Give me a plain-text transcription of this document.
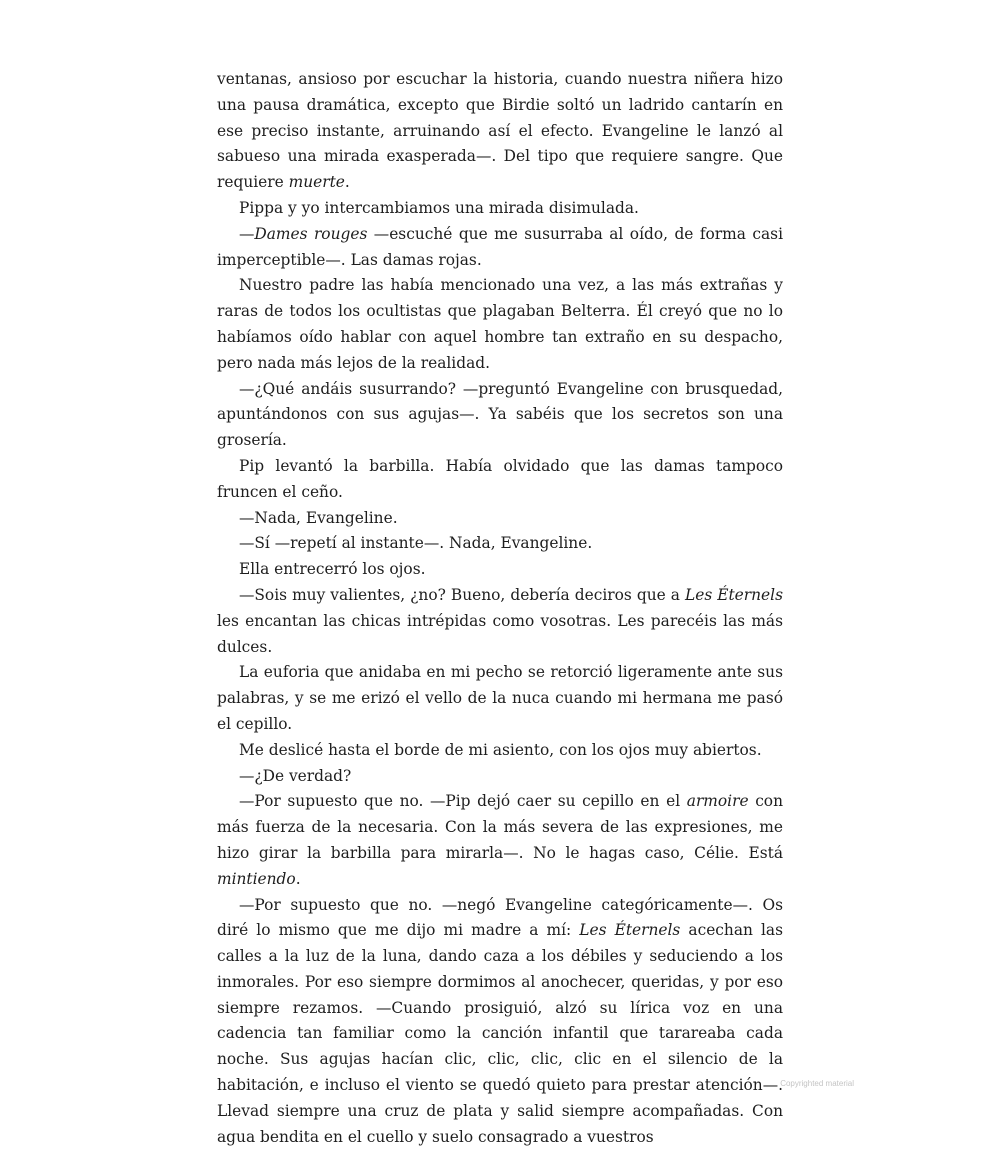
ventanas, ansioso por escuchar la historia, cuando nuestra niñera hizo una pausa dramática, excepto que Birdie soltó un ladrido cantarín en ese preciso instante, arruinando así el efecto. Evangeline le lanzó al sabueso una mirada exasperada—. Del tipo que requiere sangre. Que requiere muerte.

Pippa y yo intercambiamos una mirada disimulada.

—Dames rouges —escuché que me susurraba al oído, de forma casi imperceptible—. Las damas rojas.

Nuestro padre las había mencionado una vez, a las más extrañas y raras de todos los ocultistas que plagaban Belterra. Él creyó que no lo habíamos oído hablar con aquel hombre tan extraño en su despacho, pero nada más lejos de la realidad.

—¿Qué andáis susurrando? —preguntó Evangeline con brusquedad, apuntándonos con sus agujas—. Ya sabéis que los secretos son una grosería.

Pip levantó la barbilla. Había olvidado que las damas tampoco fruncen el ceño.

—Nada, Evangeline.

—Sí —repetí al instante—. Nada, Evangeline.

Ella entrecerró los ojos.

—Sois muy valientes, ¿no? Bueno, debería deciros que a Les Éternels les encantan las chicas intrépidas como vosotras. Les parecéis las más dulces.

La euforia que anidaba en mi pecho se retorció ligeramente ante sus palabras, y se me erizó el vello de la nuca cuando mi hermana me pasó el cepillo.

Me deslicé hasta el borde de mi asiento, con los ojos muy abiertos.

—¿De verdad?

—Por supuesto que no. —Pip dejó caer su cepillo en el armoire con más fuerza de la necesaria. Con la más severa de las expresiones, me hizo girar la barbilla para mirarla—. No le hagas caso, Célie. Está mintiendo.

—Por supuesto que no. —negó Evangeline categóricamente—. Os diré lo mismo que me dijo mi madre a mí: Les Éternels acechan las calles a la luz de la luna, dando caza a los débiles y seduciendo a los inmorales. Por eso siempre dormimos al anochecer, queridas, y por eso siempre rezamos. —Cuando prosiguió, alzó su lírica voz en una cadencia tan familiar como la canción infantil que tarareaba cada noche. Sus agujas hacían clic, clic, clic, clic en el silencio de la habitación, e incluso el viento se quedó quieto para prestar atención—. Llevad siempre una cruz de plata y salid siempre acompañadas. Con agua bendita en el cuello y suelo consagrado a vuestros

Copyrighted material
